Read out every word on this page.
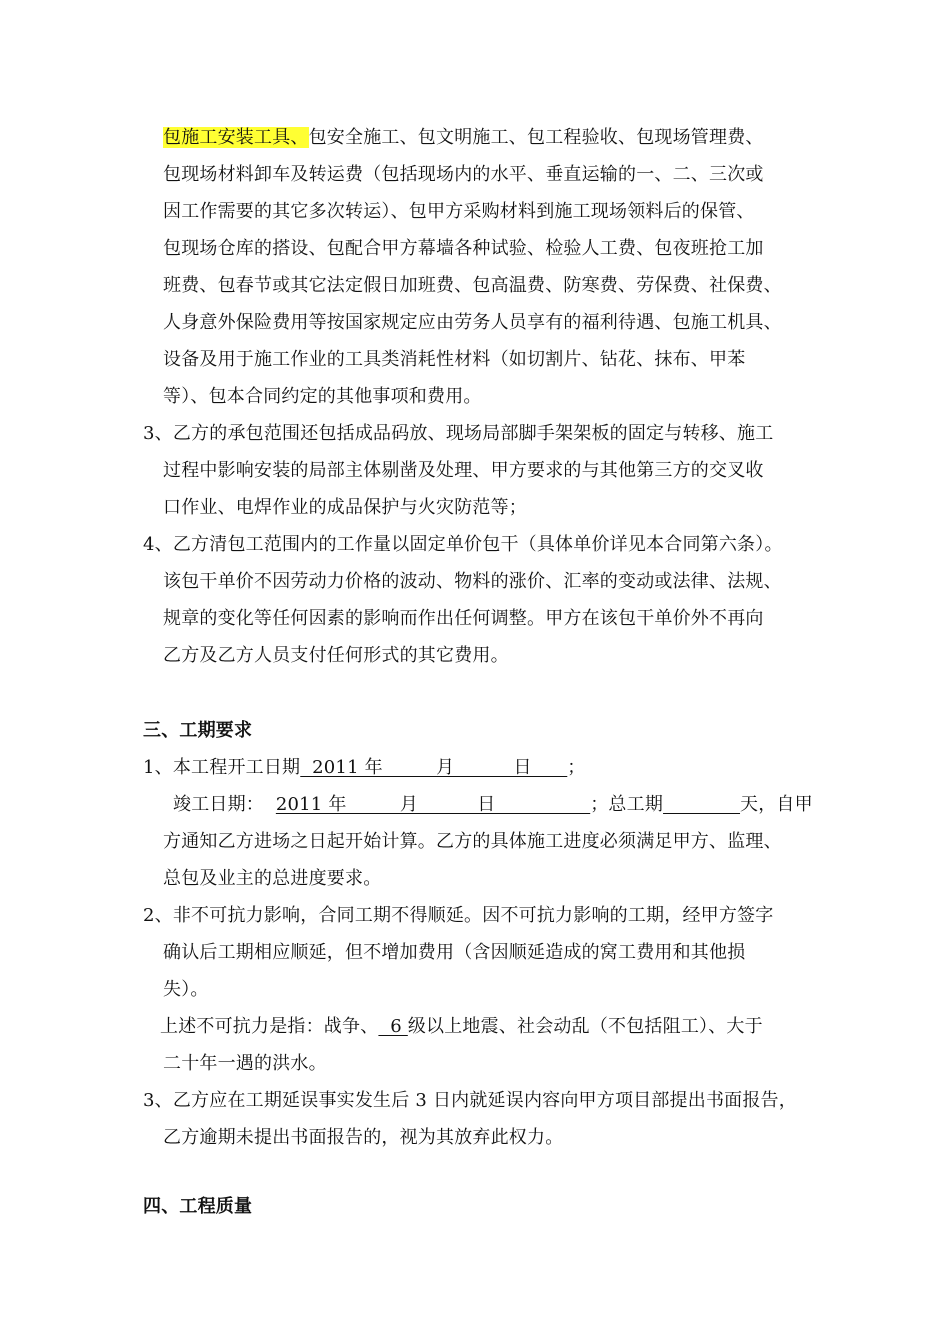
包施工安装工具、包安全施工、包文明施工、包工程验收、包现场管理费、
包现场材料卸车及转运费（包括现场内的水平、垂直运输的一、二、三次或
因工作需要的其它多次转运）、包甲方采购材料到施工现场领料后的保管、
包现场仓库的搭设、包配合甲方幕墙各种试验、检验人工费、包夜班抢工加
班费、包春节或其它法定假日加班费、包高温费、防寒费、劳保费、社保费、
人身意外保险费用等按国家规定应由劳务人员享有的福利待遇、包施工机具、
设备及用于施工作业的工具类消耗性材料（如切割片、钻花、抹布、甲苯
等）、包本合同约定的其他事项和费用。
3、乙方的承包范围还包括成品码放、现场局部脚手架架板的固定与转移、施工
过程中影响安装的局部主体剔凿及处理、甲方要求的与其他第三方的交叉收
口作业、电焊作业的成品保护与火灾防范等；
4、乙方清包工范围内的工作量以固定单价包干（具体单价详见本合同第六条）。
该包干单价不因劳动力价格的波动、物料的涨价、汇率的变动或法律、法规、
规章的变化等任何因素的影响而作出任何调整。甲方在该包干单价外不再向
乙方及乙方人员支付任何形式的其它费用。
三、工期要求
1、本工程开工日期  2011 年         月          日      ；
竣工日期：  2011 年         月          日                ；总工期	天，自甲
方通知乙方进场之日起开始计算。乙方的具体施工进度必须满足甲方、监理、
总包及业主的总进度要求。
2、非不可抗力影响，合同工期不得顺延。因不可抗力影响的工期，经甲方签字
确认后工期相应顺延，但不增加费用（含因顺延造成的窝工费用和其他损
失）。
上述不可抗力是指：战争、  6 级以上地震、社会动乱（不包括阻工）、大于
二十年一遇的洪水。
3、乙方应在工期延误事实发生后 3 日内就延误内容向甲方项目部提出书面报告，
乙方逾期未提出书面报告的，视为其放弃此权力。
四、工程质量
